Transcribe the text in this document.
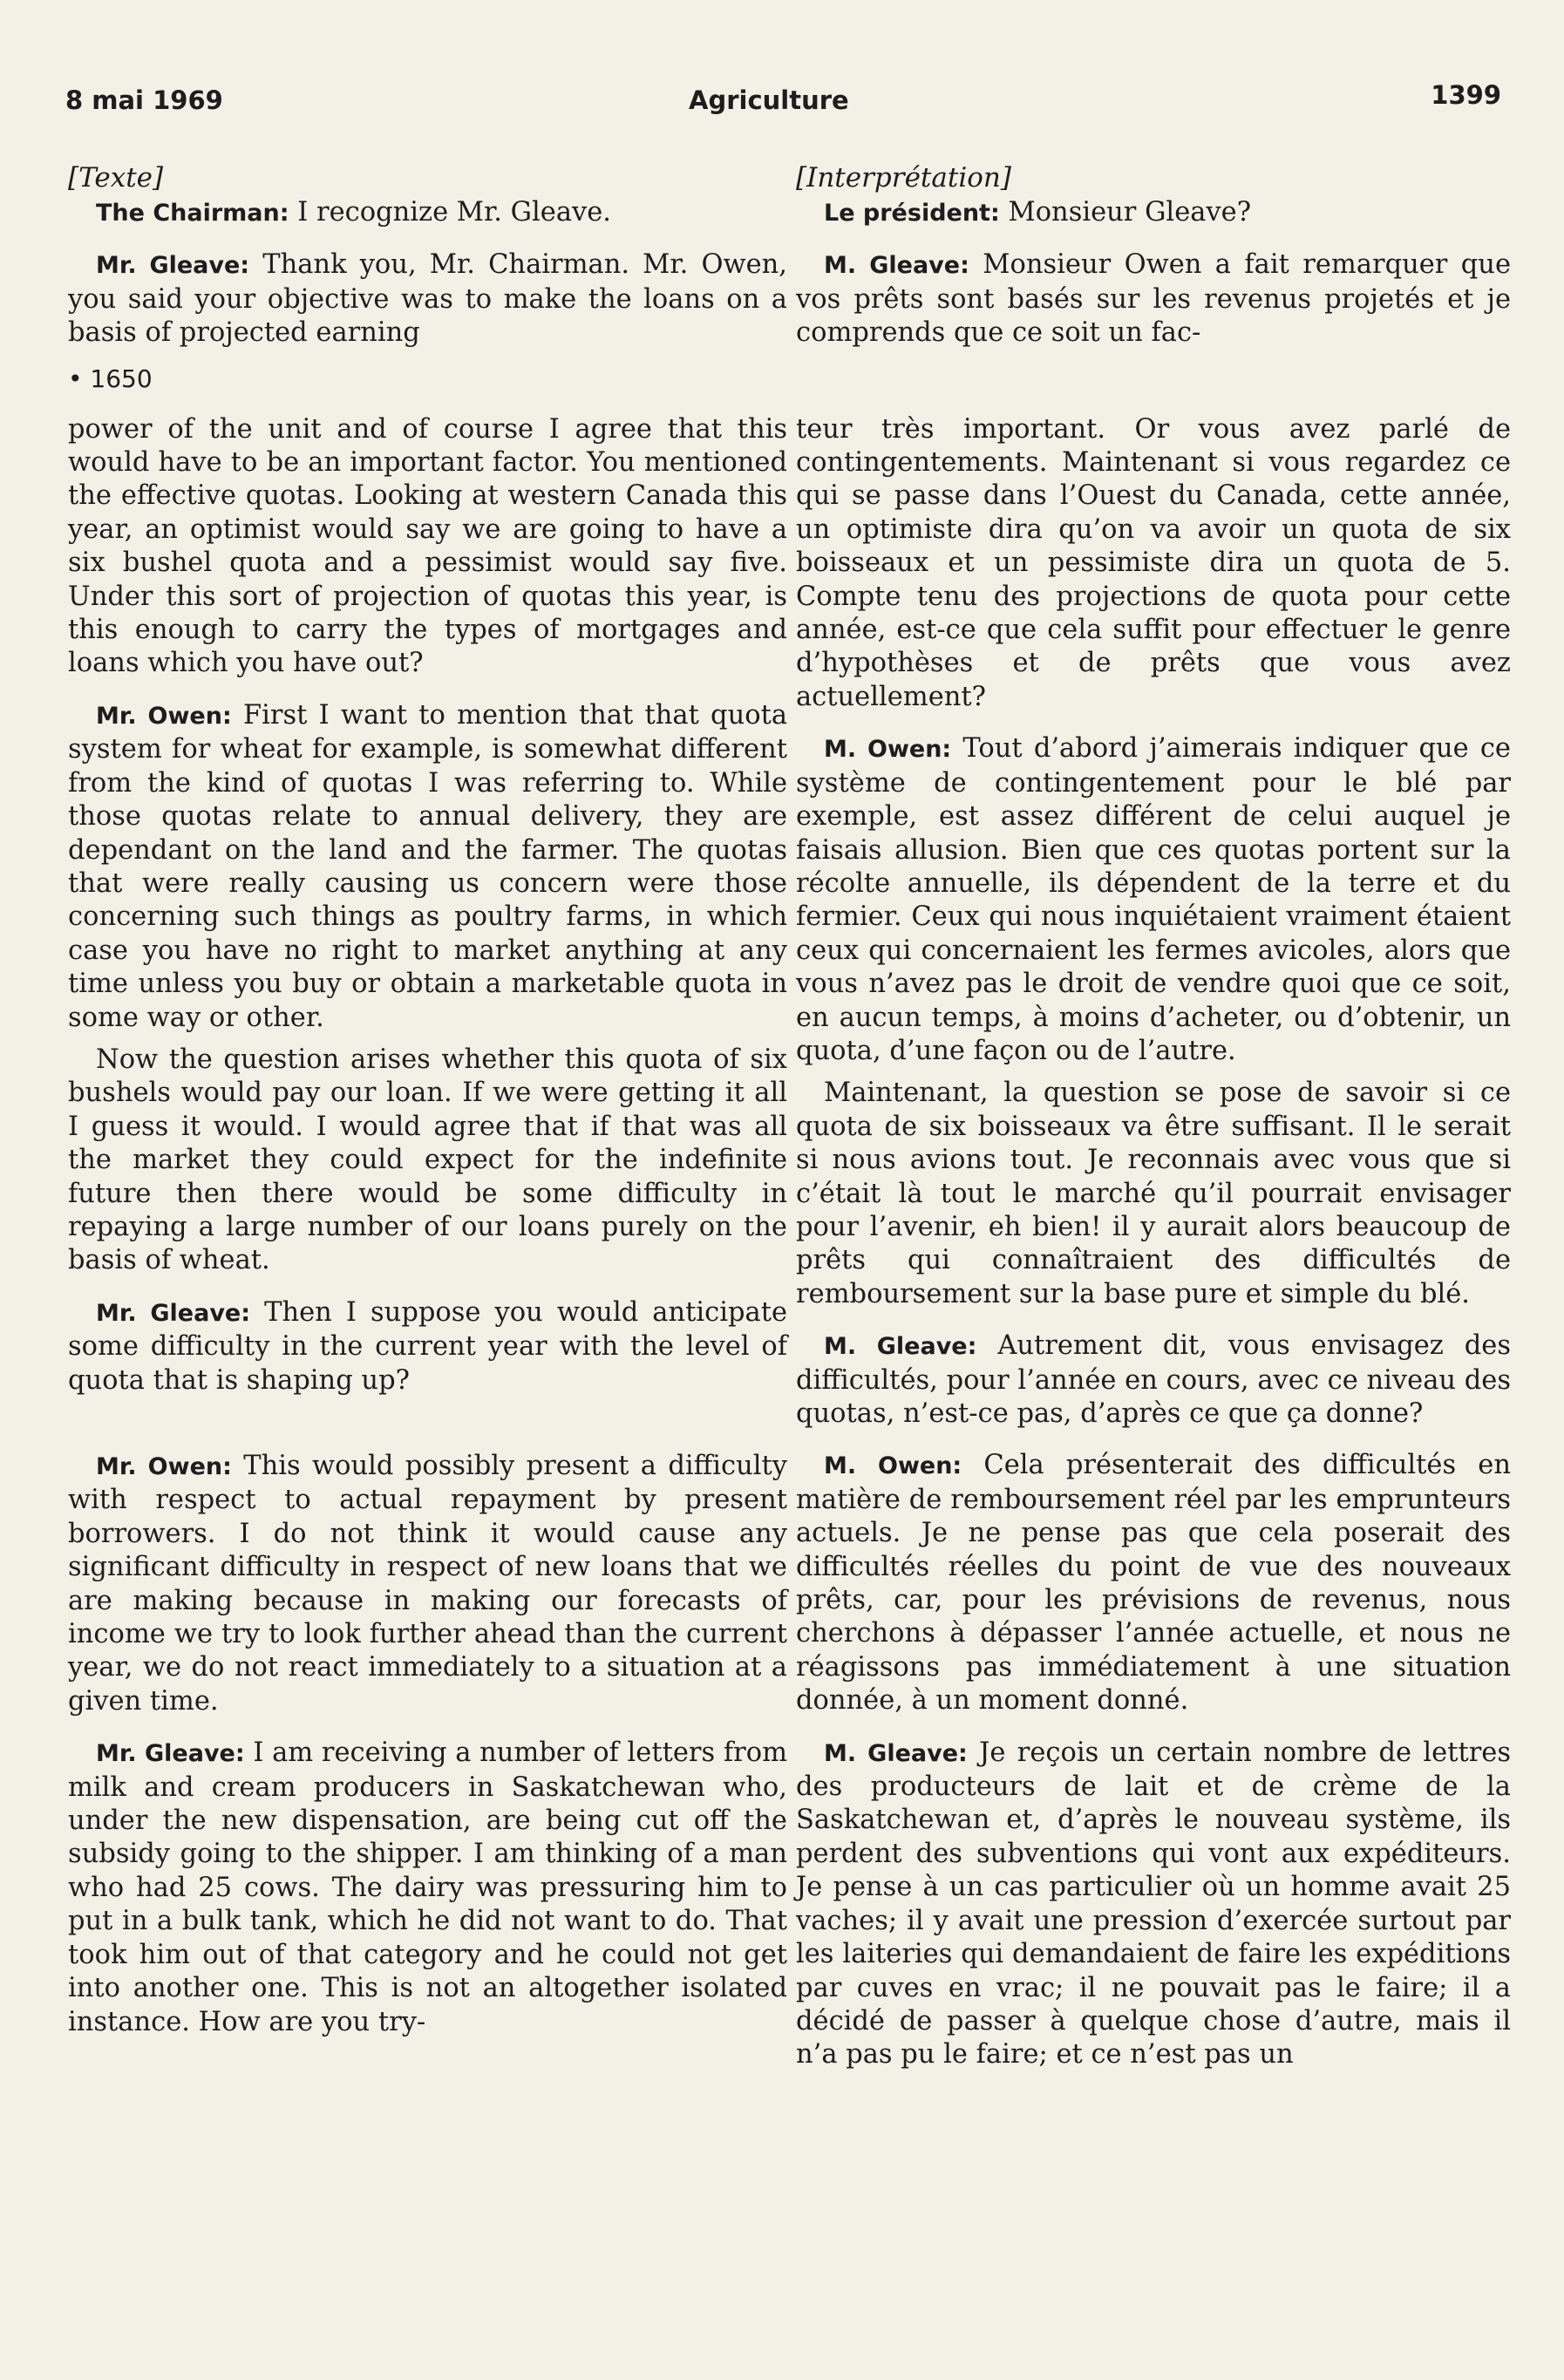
8 mai 1969	Agriculture	1399

[Texte]

The Chairman: I recognize Mr. Gleave.

Mr. Gleave: Thank you, Mr. Chairman. Mr. Owen, you said your objective was to make the loans on a basis of projected earning

• 1650

power of the unit and of course I agree that this would have to be an important factor. You mentioned the effective quotas. Looking at western Canada this year, an optimist would say we are going to have a six bushel quota and a pessimist would say five. Under this sort of projection of quotas this year, is this enough to carry the types of mortgages and loans which you have out?

Mr. Owen: First I want to mention that that quota system for wheat for example, is somewhat different from the kind of quotas I was referring to. While those quotas relate to annual delivery, they are dependant on the land and the farmer. The quotas that were really causing us concern were those concerning such things as poultry farms, in which case you have no right to market anything at any time unless you buy or obtain a marketable quota in some way or other.

Now the question arises whether this quota of six bushels would pay our loan. If we were getting it all I guess it would. I would agree that if that was all the market they could expect for the indefinite future then there would be some difficulty in repaying a large number of our loans purely on the basis of wheat.

Mr. Gleave: Then I suppose you would anticipate some difficulty in the current year with the level of quota that is shaping up?

Mr. Owen: This would possibly present a difficulty with respect to actual repayment by present borrowers. I do not think it would cause any significant difficulty in respect of new loans that we are making because in making our forecasts of income we try to look further ahead than the current year, we do not react immediately to a situation at a given time.

Mr. Gleave: I am receiving a number of letters from milk and cream producers in Saskatchewan who, under the new dispensation, are being cut off the subsidy going to the shipper. I am thinking of a man who had 25 cows. The dairy was pressuring him to put in a bulk tank, which he did not want to do. That took him out of that category and he could not get into another one. This is not an altogether isolated instance. How are you try-

[Interprétation]

Le président: Monsieur Gleave?

M. Gleave: Monsieur Owen a fait remarquer que vos prêts sont basés sur les revenus projetés et je comprends que ce soit un fac-

teur très important. Or vous avez parlé de contingentements. Maintenant si vous regardez ce qui se passe dans l’Ouest du Canada, cette année, un optimiste dira qu’on va avoir un quota de six boisseaux et un pessimiste dira un quota de 5. Compte tenu des projections de quota pour cette année, est-ce que cela suffit pour effectuer le genre d’hypothèses et de prêts que vous avez actuellement?

M. Owen: Tout d’abord j’aimerais indiquer que ce système de contingentement pour le blé par exemple, est assez différent de celui auquel je faisais allusion. Bien que ces quotas portent sur la récolte annuelle, ils dépendent de la terre et du fermier. Ceux qui nous inquiétaient vraiment étaient ceux qui concernaient les fermes avicoles, alors que vous n’avez pas le droit de vendre quoi que ce soit, en aucun temps, à moins d’acheter, ou d’obtenir, un quota, d’une façon ou de l’autre.

Maintenant, la question se pose de savoir si ce quota de six boisseaux va être suffisant. Il le serait si nous avions tout. Je reconnais avec vous que si c’était là tout le marché qu’il pourrait envisager pour l’avenir, eh bien! il y aurait alors beaucoup de prêts qui connaîtraient des difficultés de remboursement sur la base pure et simple du blé.

M. Gleave: Autrement dit, vous envisagez des difficultés, pour l’année en cours, avec ce niveau des quotas, n’est-ce pas, d’après ce que ça donne?

M. Owen: Cela présenterait des difficultés en matière de remboursement réel par les emprunteurs actuels. Je ne pense pas que cela poserait des difficultés réelles du point de vue des nouveaux prêts, car, pour les prévisions de revenus, nous cherchons à dépasser l’année actuelle, et nous ne réagissons pas immédiatement à une situation donnée, à un moment donné.

M. Gleave: Je reçois un certain nombre de lettres des producteurs de lait et de crème de la Saskatchewan et, d’après le nouveau système, ils perdent des subventions qui vont aux expéditeurs. Je pense à un cas particulier où un homme avait 25 vaches; il y avait une pression d’exercée surtout par les laiteries qui demandaient de faire les expéditions par cuves en vrac; il ne pouvait pas le faire; il a décidé de passer à quelque chose d’autre, mais il n’a pas pu le faire; et ce n’est pas un
